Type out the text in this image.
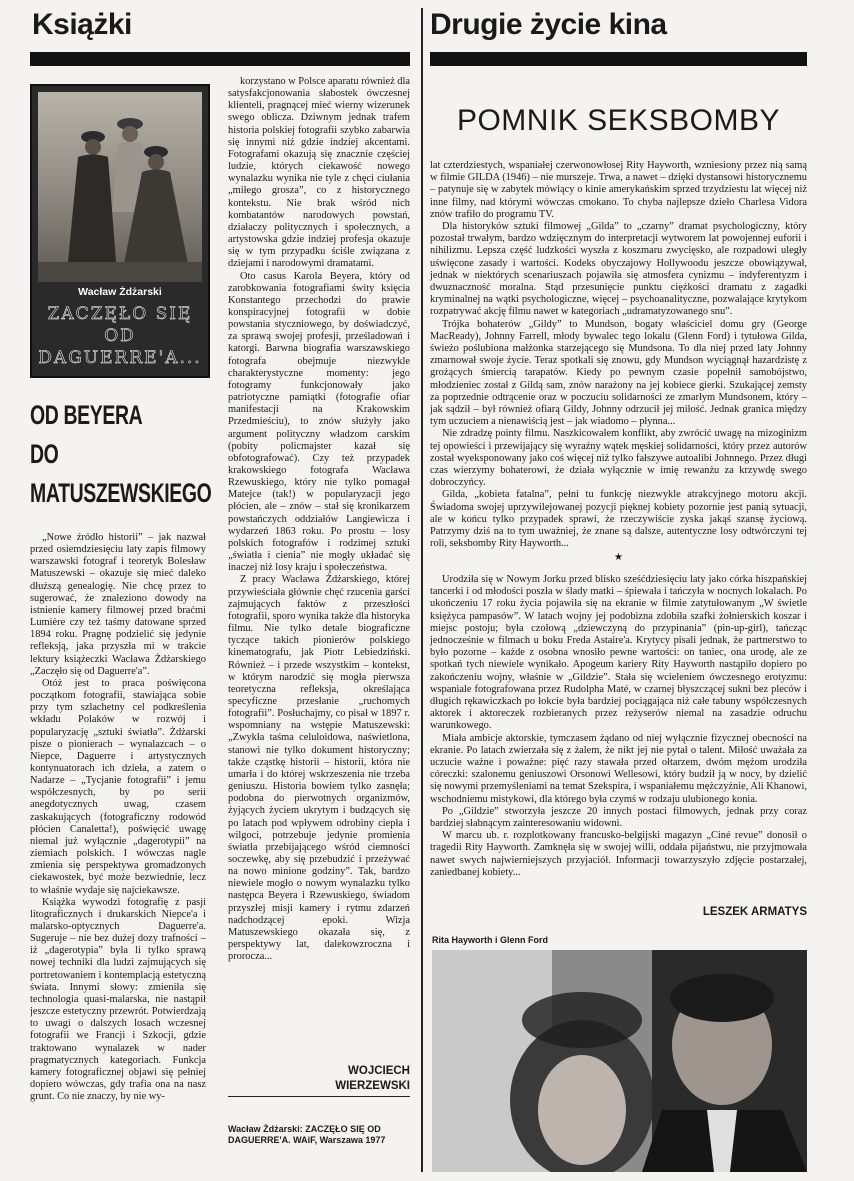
Książki
Wacław Żdżarski
ZACZĘŁO SIĘ
OD
DAGUERRE'A...
OD BEYERA
DO
MATUSZEWSKIEGO

„Nowe źródło historii” – jak nazwał przed osiemdziesięciu laty zapis filmowy warszawski fotograf i teoretyk Bolesław Matuszewski – okazuje się mieć daleko dłuższą genealogię. Nie chcę przez to sugerować, że znaleziono dowody na istnienie kamery filmowej przed braćmi Lumière czy też taśmy datowane sprzed 1894 roku. Pragnę podzielić się jedynie refleksją, jaka przyszła mi w trakcie lektury książeczki Wacława Żdżarskiego „Zaczęło się od Daguerre'a”.

Otóż jest to praca poświęcona początkom fotografii, stawiająca sobie przy tym szlachetny cel podkreślenia wkładu Polaków w rozwój i popularyzację „sztuki światła”. Żdżarski pisze o pionierach – wynalazcach – o Niepce, Daguerre i artystycznych kontynuatorach ich dzieła, a zatem o Nadarze – „Tycjanie fotografii” i jemu współczesnych, by po serii anegdotycznych uwag, czasem zaskakujących (fotograficzny rodowód płócien Canaletta!), poświęcić uwagę niemal już wyłącznie „dagerotypii” na ziemiach polskich. I wówczas nagle zmienia się perspektywa gromadzonych ciekawostek, być może bezwiednie, lecz to właśnie wydaje się najciekawsze.

Książka wywodzi fotografię z pasji litograficznych i drukarskich Niepce'a i malarsko-optycznych Daguerre'a. Sugeruje – nie bez dużej dozy trafności – iż „dagerotypia” była li tylko sprawą nowej techniki dla ludzi zajmujących się portretowaniem i kontemplacją estetyczną świata. Innymi słowy: zmieniła się technologia quasi-malarska, nie nastąpił jeszcze estetyczny przewrót. Potwierdzają to uwagi o dalszych losach wczesnej fotografii we Francji i Szkocji, gdzie traktowano wynalazek w nader pragmatycznych kategoriach. Funkcja kamery fotograficznej objawi się pełniej dopiero wówczas, gdy trafia ona na nasz grunt. Co nie znaczy, by nie wy-

korzystano w Polsce aparatu również dla satysfakcjonowania słabostek ówczesnej klienteli, pragnącej mieć wierny wizerunek swego oblicza. Dziwnym jednak trafem historia polskiej fotografii szybko zabarwia się innymi niż gdzie indziej akcentami. Fotografami okazują się znacznie częściej ludzie, których ciekawość nowego wynalazku wynika nie tyle z chęci ciułania „miłego grosza”, co z historycznego kontekstu. Nie brak wśród nich kombatantów narodowych powstań, działaczy politycznych i społecznych, a artystowska gdzie indziej profesja okazuje się w tym przypadku ściśle związana z dziejami i narodowymi dramatami.

Oto casus Karola Beyera, który od zarobkowania fotografiami świty księcia Konstantego przechodzi do prawie konspiracyjnej fotografii w dobie powstania styczniowego, by doświadczyć, za sprawą swojej profesji, prześladowań i katorgi. Barwna biografia warszawskiego fotografa obejmuje niezwykle charakterystyczne momenty: jego fotogramy funkcjonowały jako patriotyczne pamiątki (fotografie ofiar manifestacji na Krakowskim Przedmieściu), to znów służyły jako argument polityczny władzom carskim (pobity policmajster kazał się obfotografować). Czy też przypadek krakowskiego fotografa Wacława Rzewuskiego, który nie tylko pomagał Matejce (tak!) w popularyzacji jego płócien, ale – znów – stał się kronikarzem powstańczych oddziałów Langiewicza i wydarzeń 1863 roku. Po prostu – losy polskich fotografów i rodzimej sztuki „światła i cienia” nie mogły układać się inaczej niż losy kraju i społeczeństwa.

Z pracy Wacława Żdżarskiego, której przywieściała głównie chęć rzucenia garści zajmujących faktów z przeszłości fotografii, sporo wynika także dla historyka filmu. Nie tylko detale biograficzne tyczące takich pionierów polskiego kinematografu, jak Piotr Lebiedziński. Również – i przede wszystkim – kontekst, w którym narodzić się mogła pierwsza teoretyczna refleksja, określająca specyficzne przesłanie „ruchomych fotografii”. Posłuchajmy, co pisał w 1897 r. wspomniany na wstępie Matuszewski: „Zwykła taśma celuloidowa, naświetlona, stanowi nie tylko dokument historyczny; także cząstkę historii – historii, która nie umarła i do której wskrzeszenia nie trzeba geniuszu. Historia bowiem tylko zasnęła; podobna do pierwotnych organizmów, żyjących życiem ukrytym i budzących się po latach pod wpływem odrobiny ciepła i wilgoci, potrzebuje jedynie promienia światła przebijającego wśród ciemności soczewkę, aby się przebudzić i przeżywać na nowo minione godziny”. Tak, bardzo niewiele mogło o nowym wynalazku tylko następca Beyera i Rzewuskiego, świadom przyszłej misji kamery i rytmu zdarzeń nadchodzącej epoki. Wizja Matuszewskiego okazała się, z perspektywy lat, dalekowzroczna i prorocza...

WOJCIECH
WIERZEWSKI
Wacław Żdżarski: ZACZĘŁO SIĘ OD DAGUERRE'A. WAiF, Warszawa 1977
Drugie życie kina
POMNIK SEKSBOMBY

lat czterdziestych, wspaniałej czerwonowłosej Rity Hayworth, wzniesiony przez nią samą w filmie GILDA (1946) – nie murszeje. Trwa, a nawet – dzięki dystansowi historycznemu – patynuje się w zabytek mówiący o kinie amerykańskim sprzed trzydziestu lat więcej niż inne filmy, nad którymi wówczas cmokano. To chyba najlepsze dzieło Charlesa Vidora znów trafiło do programu TV.

Dla historyków sztuki filmowej „Gilda” to „czarny” dramat psychologiczny, który pozostał trwałym, bardzo wdzięcznym do interpretacji wytworem lat powojennej euforii i nihilizmu. Lepsza część ludzkości wyszła z koszmaru zwycięsko, ale rozpadowi uległy uświęcone zasady i wartości. Kodeks obyczajowy Hollywoodu jeszcze obowiązywał, jednak w niektórych scenariuszach pojawiła się atmosfera cynizmu – indyferentyzm i dwuznaczność moralna. Stąd przesunięcie punktu ciężkości dramatu z zagadki kryminalnej na wątki psychologiczne, więcej – psychoanalityczne, pozwalające krytykom rozpatrywać akcję filmu nawet w kategoriach „udramatyzowanego snu”.

Trójka bohaterów „Gildy” to Mundson, bogaty właściciel domu gry (George MacReady), Johnny Farrell, młody bywalec tego lokalu (Glenn Ford) i tytułowa Gilda, świeżo poślubiona małżonka starzejącego się Mundsona. To dla niej przed laty Johnny zmarnował swoje życie. Teraz spotkali się znowu, gdy Mundson wyciągnął hazardzistę z grożących śmiercią tarapatów. Kiedy po pewnym czasie popełnił samobójstwo, młodzieniec został z Gildą sam, znów narażony na jej kobiece gierki. Szukającej zemsty za poprzednie odtrącenie oraz w poczuciu solidarności ze zmarłym Mundsonem, który – jak sądził – był również ofiarą Gildy, Johnny odrzucił jej miłość. Jednak granica między tym uczuciem a nienawiścią jest – jak wiadomo – płynna...

Nie zdradzę pointy filmu. Naszkicowałem konflikt, aby zwrócić uwagę na mizoginizm tej opowieści i przewijający się wyraźny wątek męskiej solidarności, który przez autorów został wyeksponowany jako coś więcej niż tylko fałszywe autoalibi Johnnego. Przez długi czas wierzymy bohaterowi, że działa wyłącznie w imię rewanżu za krzywdę swego dobroczyńcy.

Gilda, „kobieta fatalna”, pełni tu funkcję niezwykle atrakcyjnego motoru akcji. Świadoma swojej uprzywilejowanej pozycji pięknej kobiety pozornie jest panią sytuacji, ale w końcu tylko przypadek sprawi, że rzeczywiście zyska jakąś szansę życiową. Patrzymy dziś na to tym uważniej, że znane są dalsze, autentyczne losy odtwórczyni tej roli, seksbomby Rity Hayworth...

★

Urodziła się w Nowym Jorku przed blisko sześćdziesięciu laty jako córka hiszpańskiej tancerki i od młodości poszła w ślady matki – śpiewała i tańczyła w nocnych lokalach. Po ukończeniu 17 roku życia pojawiła się na ekranie w filmie zatytułowanym „W świetle księżyca pampasów”. W latach wojny jej podobizna zdobiła szafki żołnierskich koszar i miejsc postoju; była czołową „dziewczyną do przypinania” (pin-up-girl), tańcząc jednocześnie w filmach u boku Freda Astaire'a. Krytycy pisali jednak, że partnerstwo to było pozorne – każde z osobna wnosiło pewne wartości: on taniec, ona urodę, ale ze spotkań tych niewiele wynikało. Apogeum kariery Rity Hayworth nastąpiło dopiero po zakończeniu wojny, właśnie w „Gildzie”. Stała się wcieleniem ówczesnego erotyzmu: wspaniale fotografowana przez Rudolpha Maté, w czarnej błyszczącej sukni bez pleców i długich rękawiczkach po łokcie była bardziej pociągająca niż całe tabuny współczesnych aktorek i aktoreczek rozbieranych przez reżyserów niemal na zasadzie odruchu warunkowego.

Miała ambicje aktorskie, tymczasem żądano od niej wyłącznie fizycznej obecności na ekranie. Po latach zwierzała się z żalem, że nikt jej nie pytał o talent. Miłość uważała za uczucie ważne i poważne: pięć razy stawała przed ołtarzem, dwóm mężom urodziła córeczki: szalonemu geniuszowi Orsonowi Wellesowi, który budził ją w nocy, by dzielić się nowymi przemyśleniami na temat Szekspira, i wspaniałemu mężczyźnie, Ali Khanowi, wschodniemu mistykowi, dla którego była czymś w rodzaju ulubionego konia.

Po „Gildzie” stworzyła jeszcze 20 innych postaci filmowych, jednak przy coraz bardziej słabnącym zainteresowaniu widowni.

W marcu ub. r. rozplotkowany francusko-belgijski magazyn „Ciné revue” donosił o tragedii Rity Hayworth. Zamknęła się w swojej willi, oddała pijaństwu, nie przyjmowała nawet swych najwierniejszych przyjaciół. Informacji towarzyszyło zdjęcie postarzałej, zaniedbanej kobiety...

LESZEK ARMATYS
Rita Hayworth i Glenn Ford
